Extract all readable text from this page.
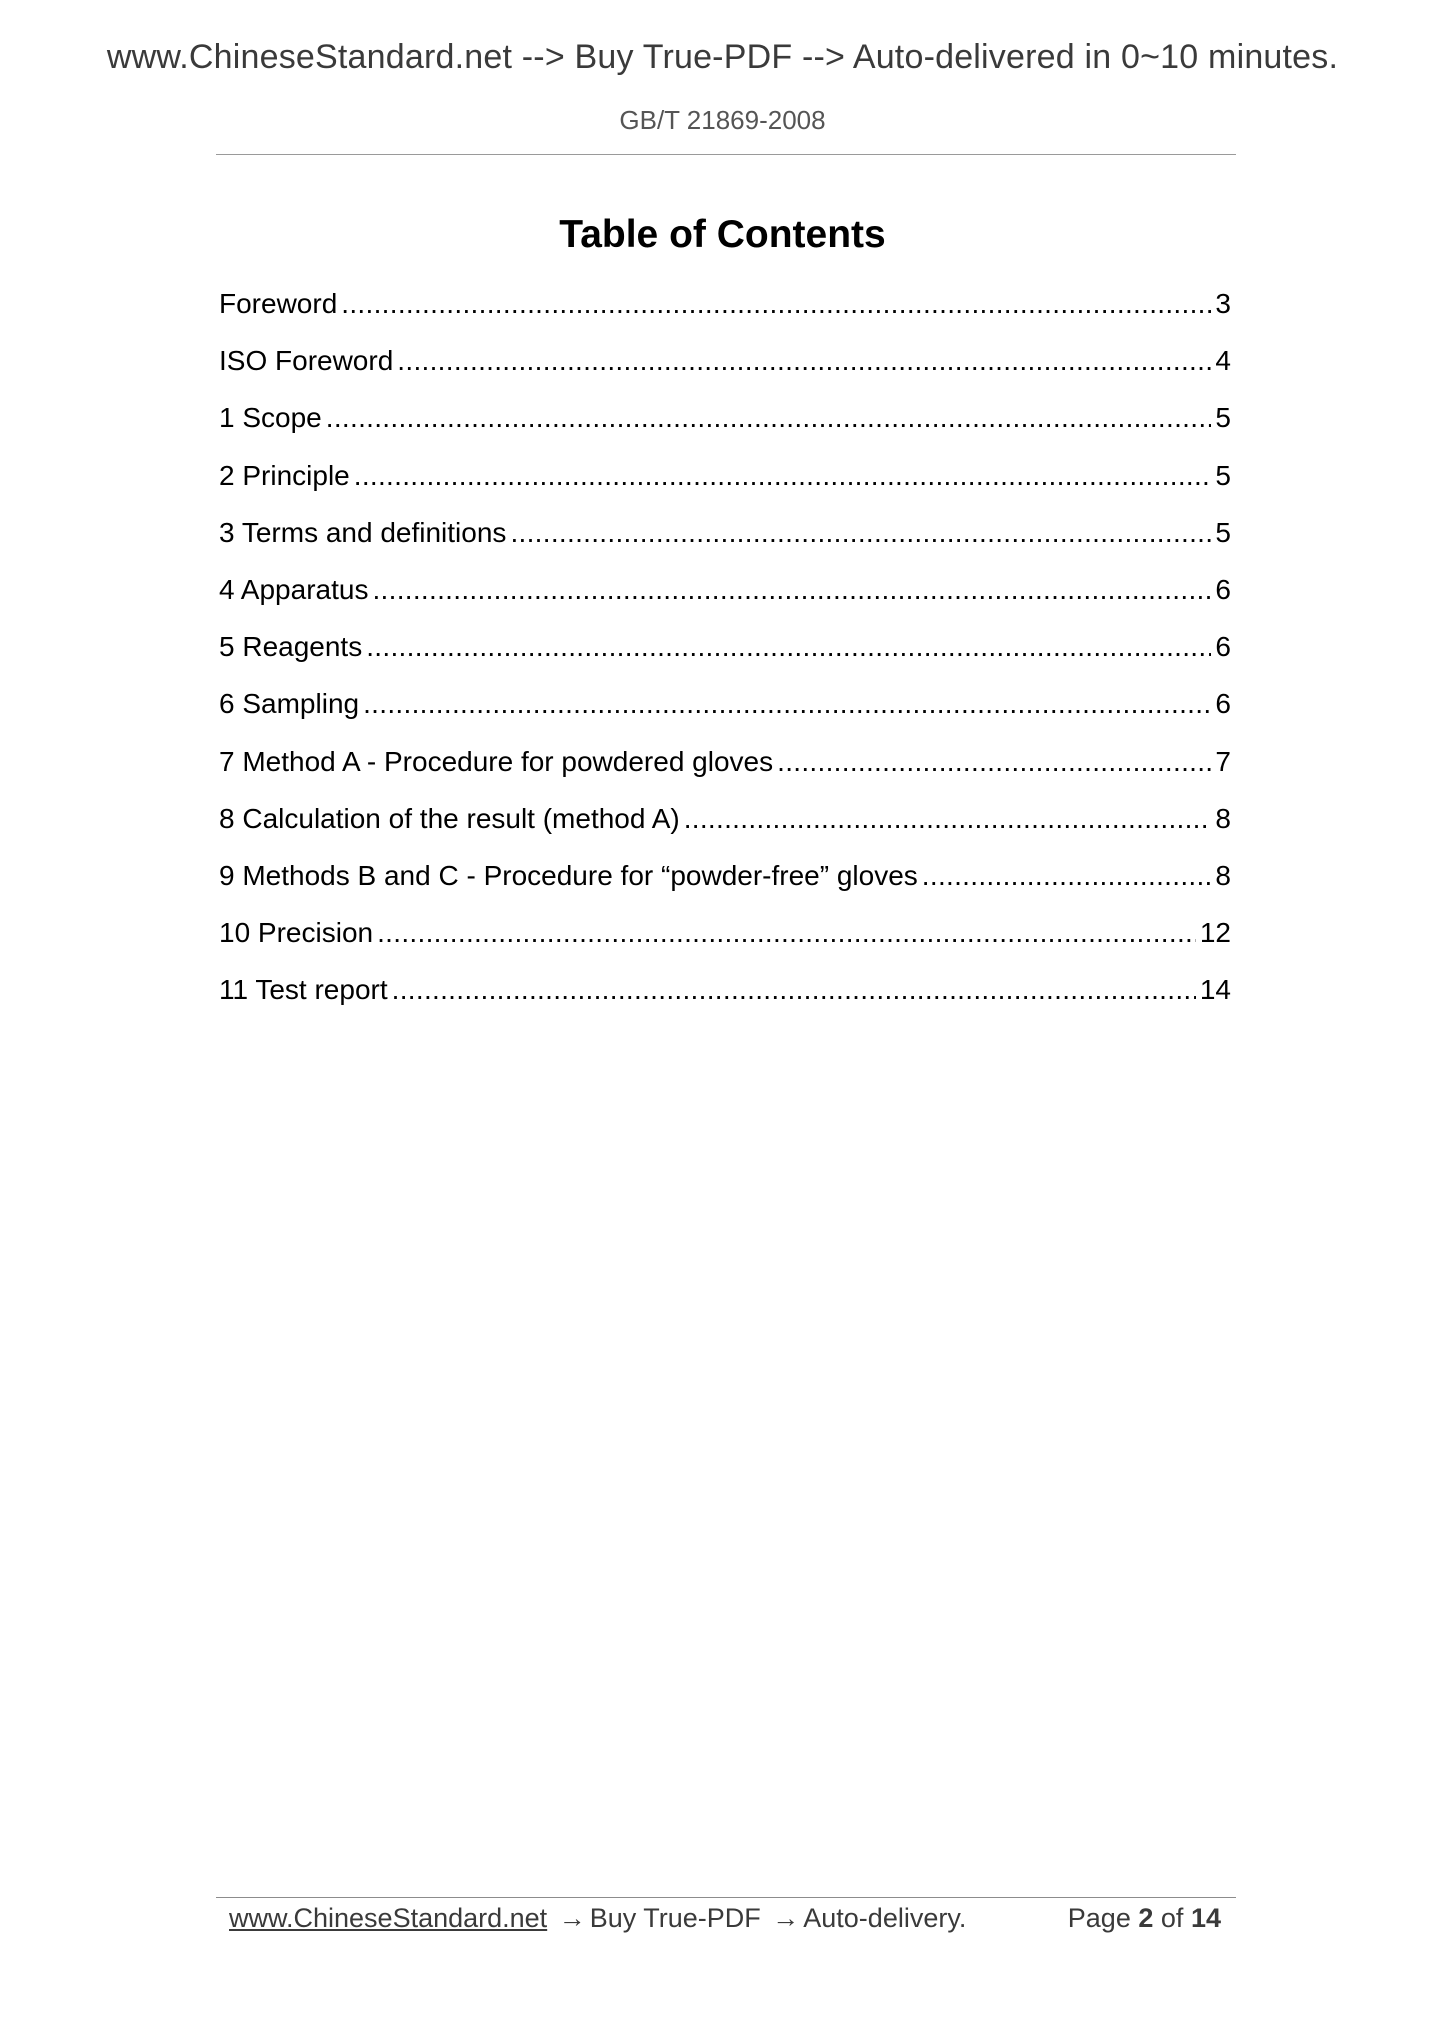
www.ChineseStandard.net --> Buy True-PDF --> Auto-delivered in 0~10 minutes.
GB/T 21869-2008
Table of Contents
Foreword .....	3
ISO Foreword .....	4
1 Scope .....	5
2 Principle .....	5
3 Terms and definitions .....	5
4 Apparatus .....	6
5 Reagents .....	6
6 Sampling .....	6
7 Method A - Procedure for powdered gloves .....	7
8 Calculation of the result (method A) .....	8
9 Methods B and C - Procedure for “powder-free” gloves .....	8
10 Precision .....	12
11 Test report .....	14
www.ChineseStandard.net → Buy True-PDF → Auto-delivery.	Page 2 of 14
